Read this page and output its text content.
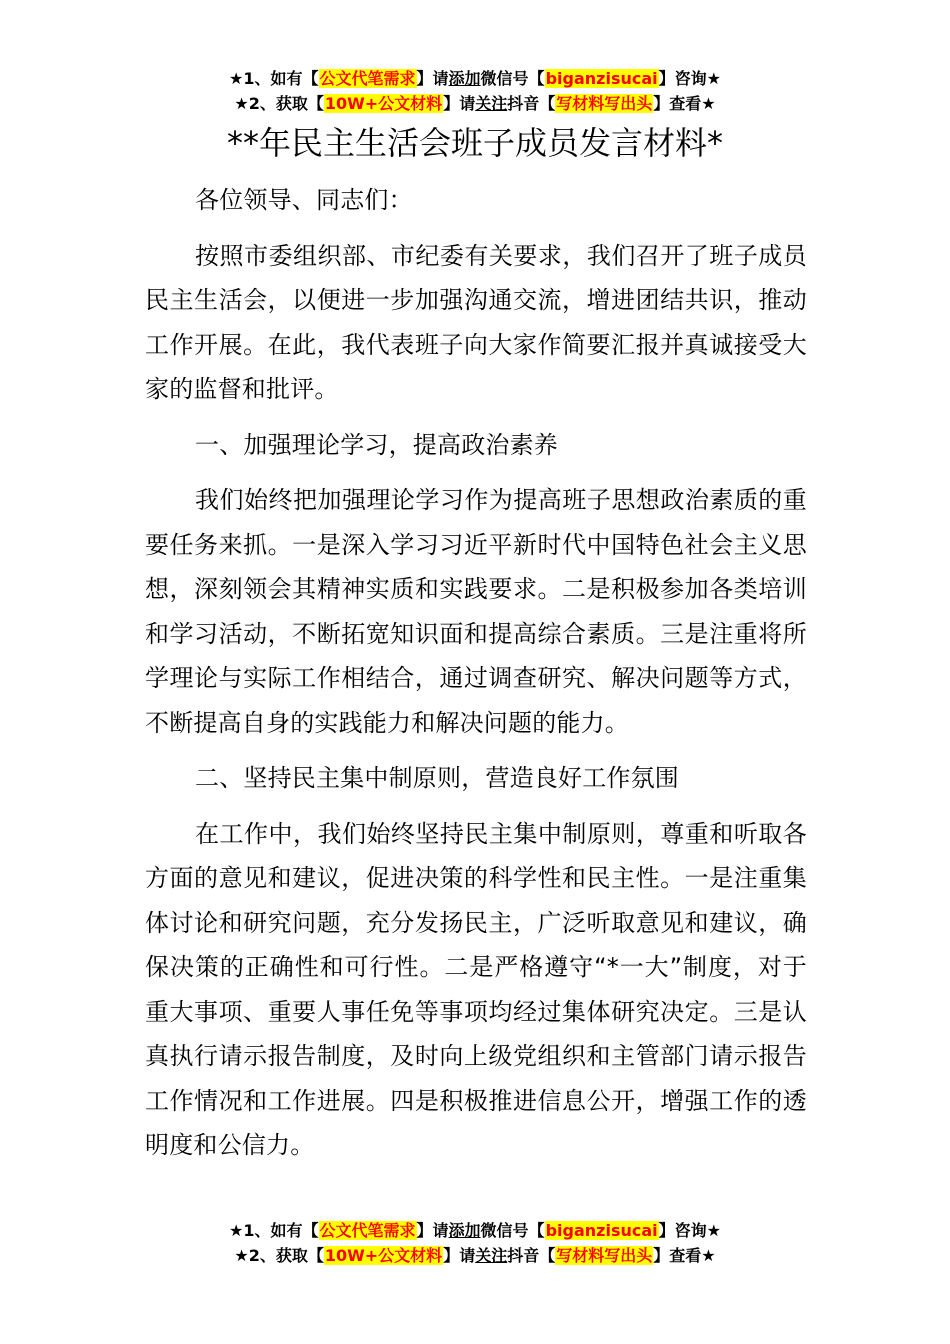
★1、如有【公文代笔需求】请添加微信号【biganzisucai】咨询★
★2、获取【10W+公文材料】请关注抖音【写材料写出头】查看★
**年民主生活会班子成员发言材料*

各位领导、同志们：

按照市委组织部、市纪委有关要求，我们召开了班子成员民主生活会，以便进一步加强沟通交流，增进团结共识，推动工作开展。在此，我代表班子向大家作简要汇报并真诚接受大家的监督和批评。

一、加强理论学习，提高政治素养

我们始终把加强理论学习作为提高班子思想政治素质的重要任务来抓。一是深入学习习近平新时代中国特色社会主义思想，深刻领会其精神实质和实践要求。二是积极参加各类培训和学习活动，不断拓宽知识面和提高综合素质。三是注重将所学理论与实际工作相结合，通过调查研究、解决问题等方式，不断提高自身的实践能力和解决问题的能力。

二、坚持民主集中制原则，营造良好工作氛围

在工作中，我们始终坚持民主集中制原则，尊重和听取各方面的意见和建议，促进决策的科学性和民主性。一是注重集体讨论和研究问题，充分发扬民主，广泛听取意见和建议，确保决策的正确性和可行性。二是严格遵守“*一大”制度，对于重大事项、重要人事任免等事项均经过集体研究决定。三是认真执行请示报告制度，及时向上级党组织和主管部门请示报告工作情况和工作进展。四是积极推进信息公开，增强工作的透明度和公信力。

★1、如有【公文代笔需求】请添加微信号【biganzisucai】咨询★
★2、获取【10W+公文材料】请关注抖音【写材料写出头】查看★
